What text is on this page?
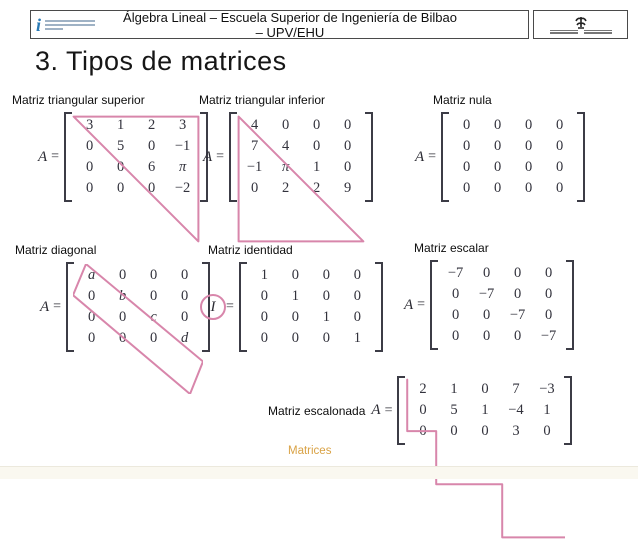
i	Álgebra Lineal – Escuela Superior de Ingeniería de Bilbao – UPV/EHU
3. Tipos de matrices
Matriz triangular superior
A =
3	1	2	3
0	5	0	−1
0	0	6	π
0	0	0	−2
Matriz triangular inferior
A =
4	0	0	0
7	4	0	0
−1	π	1	0
0	2	2	9
Matriz nula
A =
0	0	0	0
0	0	0	0
0	0	0	0
0	0	0	0
Matriz diagonal
A =
a	0	0	0
0	b	0	0
0	0	c	0
0	0	0	d
Matriz identidad
I =
1	0	0	0
0	1	0	0
0	0	1	0
0	0	0	1
Matriz escalar
A =
−7	0	0	0
0	−7	0	0
0	0	−7	0
0	0	0	−7
Matriz escalonada A =
2	1	0	7	−3
0	5	1	−4	1
0	0	0	3	0
Matrices
